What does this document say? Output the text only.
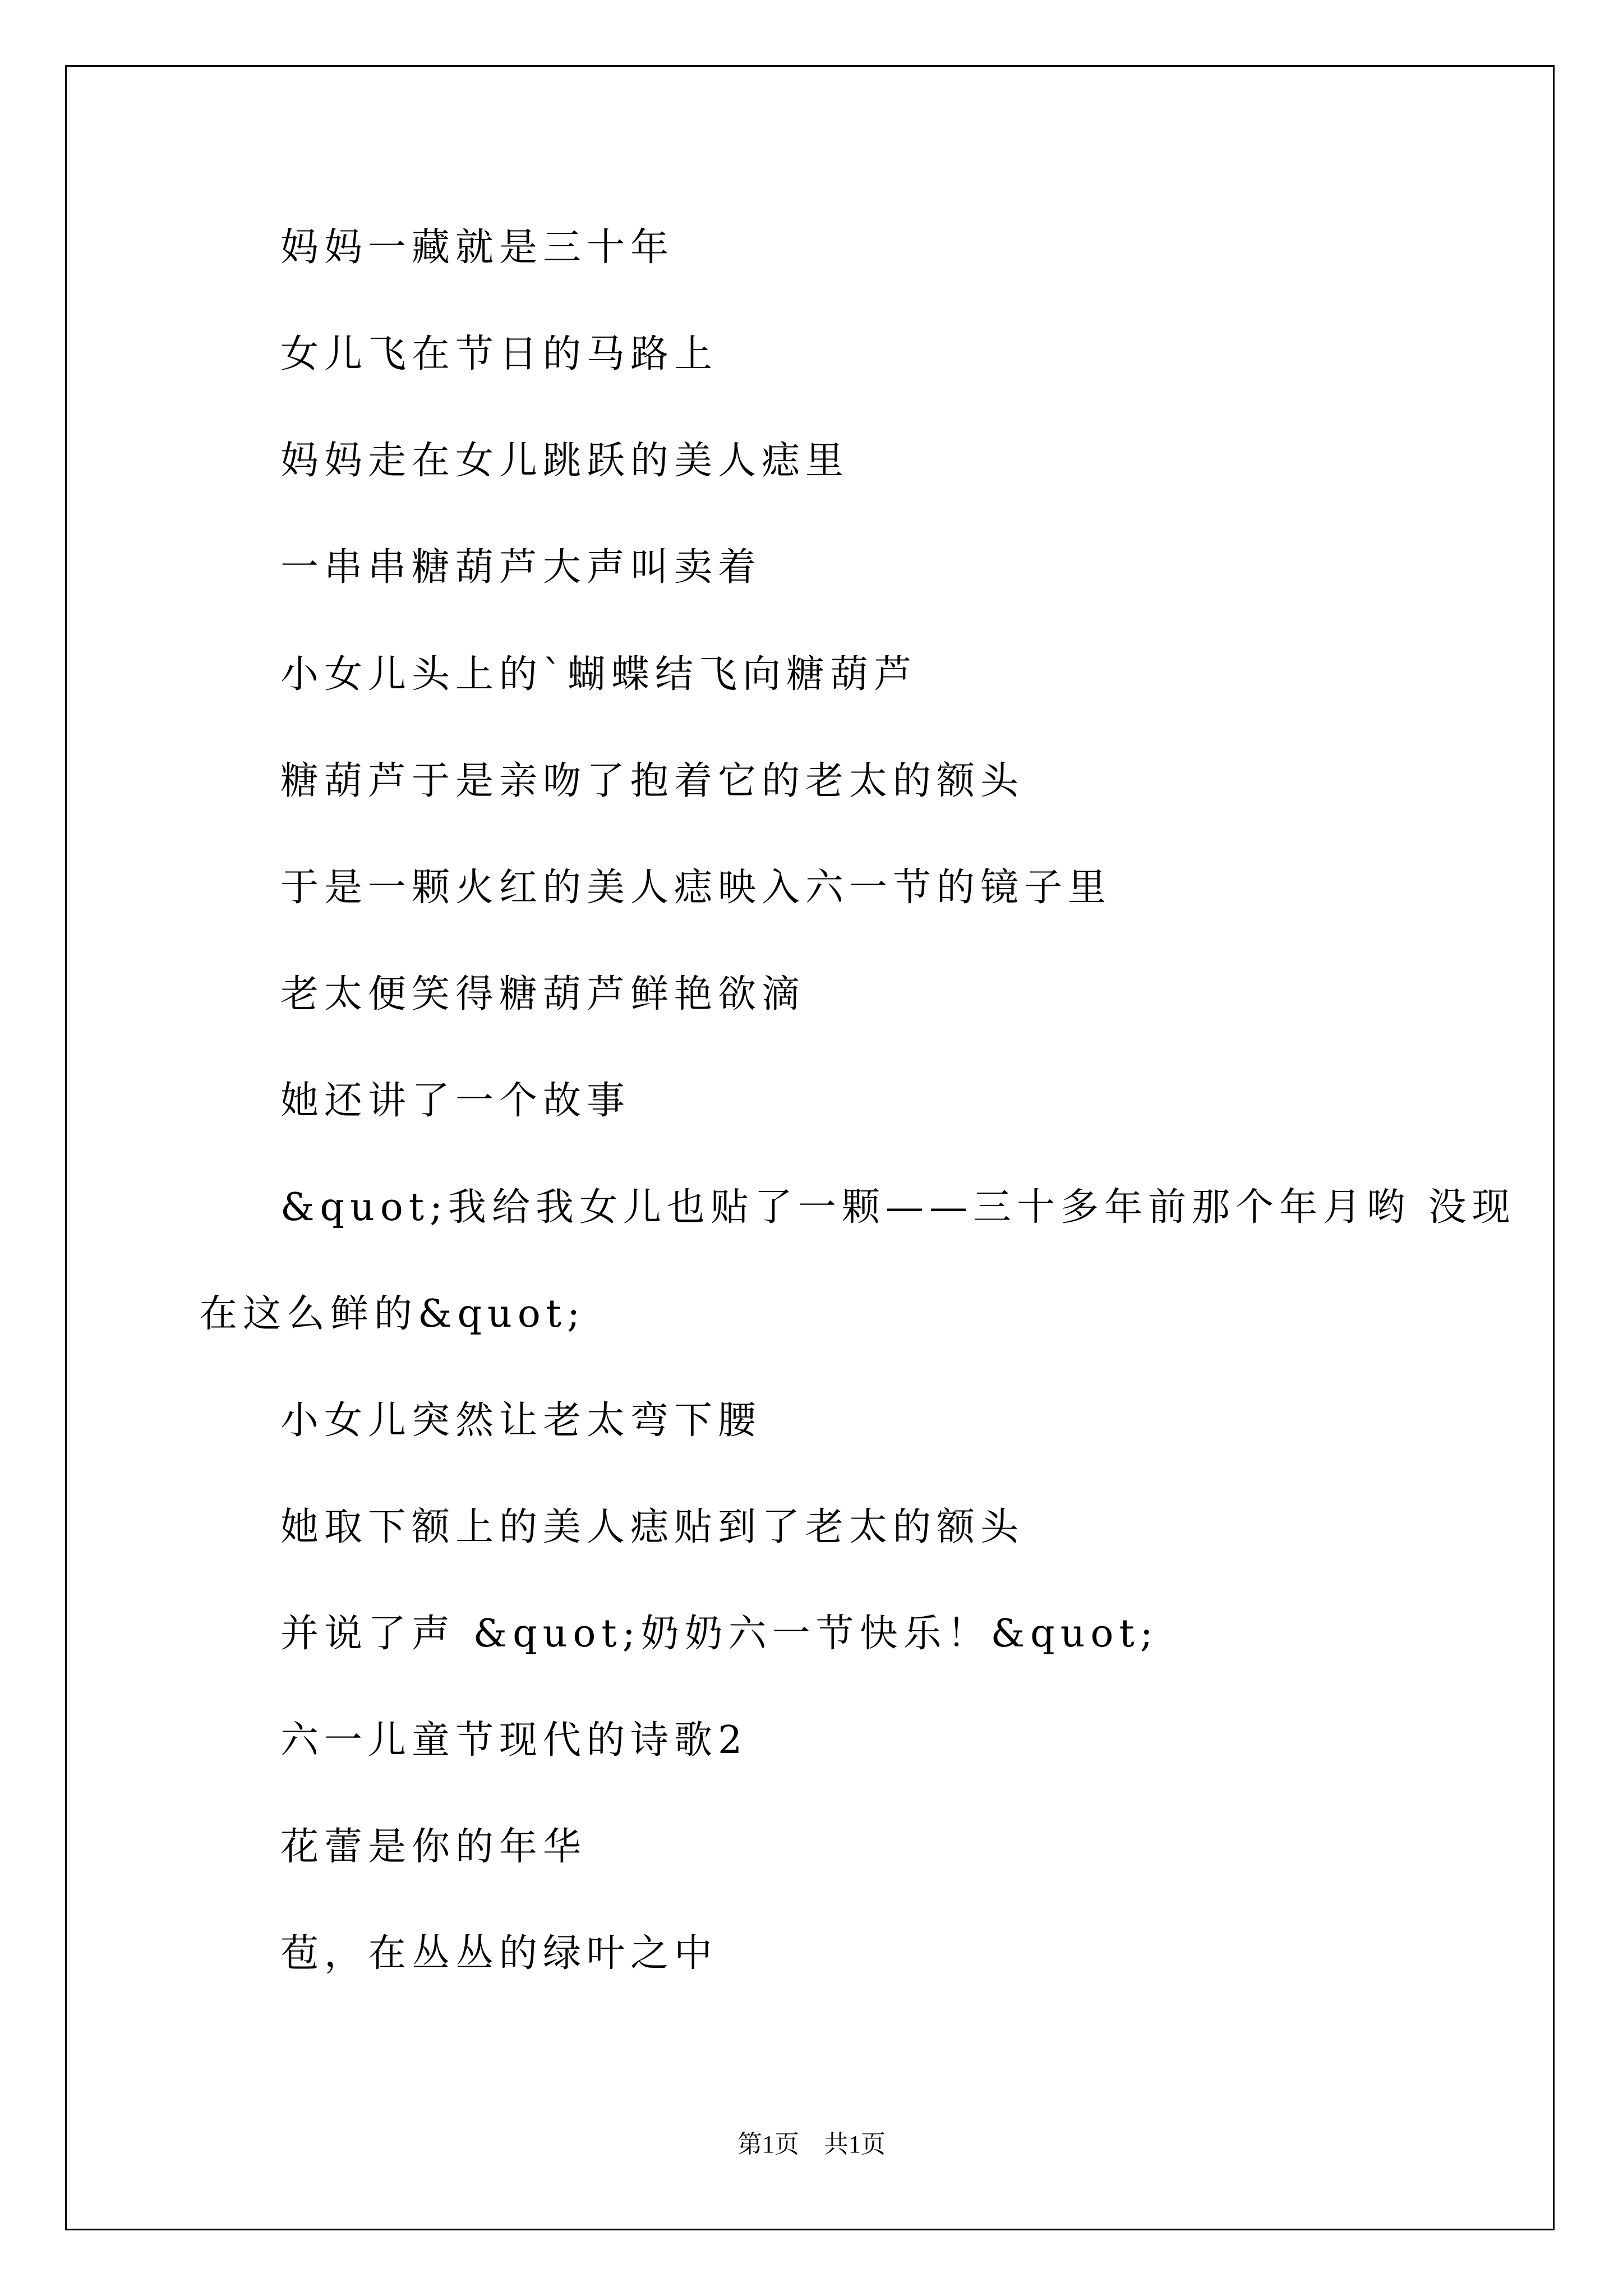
妈妈一藏就是三十年

女儿飞在节日的马路上

妈妈走在女儿跳跃的美人痣里

一串串糖葫芦大声叫卖着

小女儿头上的`蝴蝶结飞向糖葫芦

糖葫芦于是亲吻了抱着它的老太的额头

于是一颗火红的美人痣映入六一节的镜子里

老太便笑得糖葫芦鲜艳欲滴

她还讲了一个故事

&quot;我给我女儿也贴了一颗——三十多年前那个年月哟 没现

在这么鲜的&quot;

小女儿突然让老太弯下腰

她取下额上的美人痣贴到了老太的额头

并说了声 &quot;奶奶六一节快乐！&quot;

六一儿童节现代的诗歌2

花蕾是你的年华

苞，在丛丛的绿叶之中

第1页　共1页
